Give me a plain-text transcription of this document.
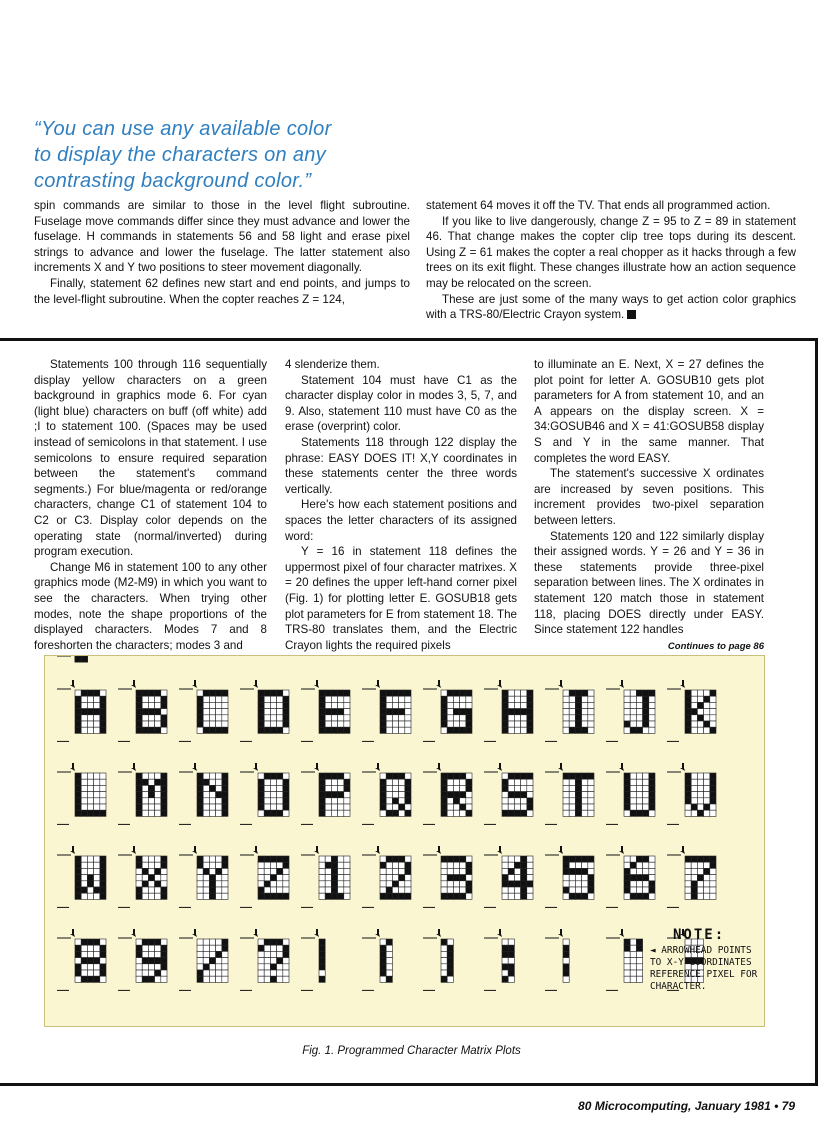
“You can use any available color
to display the characters on any
contrasting background color.”

spin commands are similar to those in the level flight subroutine. Fuselage move commands differ since they must advance and lower the fuselage. H commands in statements 56 and 58 light and erase pixel strings to advance and lower the fuselage. The latter statement also increments X and Y two positions to steer movement diagonally.

Finally, statement 62 defines new start and end points, and jumps to the level-flight subroutine. When the copter reaches Z = 124,

statement 64 moves it off the TV. That ends all programmed action.

If you like to live dangerously, change Z = 95 to Z = 89 in statement 46. That change makes the copter clip tree tops during its descent. Using Z = 61 makes the copter a real chopper as it hacks through a few trees on its exit flight. These changes illustrate how an action sequence may be relocated on the screen.

These are just some of the many ways to get action color graphics with a TRS-80/Electric Crayon system.

Statements 100 through 116 sequentially display yellow characters on a green background in graphics mode 6. For cyan (light blue) characters on buff (off white) add ;I to statement 100. (Spaces may be used instead of semicolons in that statement. I use semicolons to ensure required separation between the statement's command segments.) For blue/magenta or red/orange characters, change C1 of statement 104 to C2 or C3. Display color depends on the operating state (normal/inverted) during program execution.

Change M6 in statement 100 to any other graphics mode (M2-M9) in which you want to see the characters. When trying other modes, note the shape proportions of the displayed characters. Modes 7 and 8 foreshorten the characters; modes 3 and

4 slenderize them.

Statement 104 must have C1 as the character display color in modes 3, 5, 7, and 9. Also, statement 110 must have C0 as the erase (overprint) color.

Statements 118 through 122 display the phrase: EASY DOES IT! X,Y coordinates in these statements center the three words vertically.

Here's how each statement positions and spaces the letter characters of its assigned word:

Y = 16 in statement 118 defines the uppermost pixel of four character matrixes. X = 20 defines the upper left-hand corner pixel (Fig. 1) for plotting letter E. GOSUB18 gets plot parameters for E from statement 18. The TRS-80 translates them, and the Electric Crayon lights the required pixels

to illuminate an E. Next, X = 27 defines the plot point for letter A. GOSUB10 gets plot parameters for A from statement 10, and an A appears on the display screen. X = 34:GOSUB46 and X = 41:GOSUB58 display S and Y in the same manner. That completes the word EASY.

The statement's successive X ordinates are increased by seven positions. This increment provides two-pixel separation between letters.

Statements 120 and 122 similarly display their assigned words. Y = 26 and Y = 36 in these statements provide three-pixel separation between lines. The X ordinates in statement 120 match those in statement 118, placing DOES directly under EASY. Since statement 122 handles

Continues to page 86
NOTE:
◄ ARROWHEAD POINTS
TO X-Y COORDINATES
REFERENCE PIXEL FOR
CHARACTER.
Fig. 1. Programmed Character Matrix Plots
80 Microcomputing, January 1981 • 79
